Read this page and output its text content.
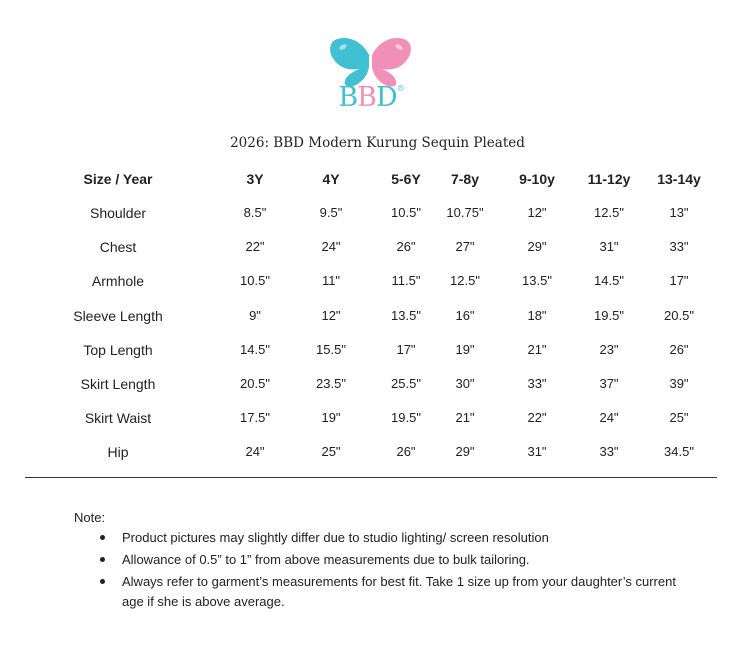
BBD®
2026: BBD Modern Kurung Sequin Pleated
Size / Year	3Y	4Y	5-6Y 7-8y	9-10y 11-12y 13-14y
Shoulder	8.5"	9.5"	10.5" 10.75"	12"	12.5"	13"
Chest	22"	24"	26"	27"	29"	31"	33"
Armhole	10.5"	11"	11.5" 12.5"	13.5"	14.5"	17"
Sleeve Length	9"	12"	13.5"	16"	18"	19.5"	20.5"
Top Length	14.5"	15.5"	17"	19"	21"	23"	26"
Skirt Length	20.5"	23.5"	25.5"	30"	33"	37"	39"
Skirt Waist	17.5"	19"	19.5"	21"	22"	24"	25"
Hip	24"	25"	26"	29"	31"	33"	34.5"
Note:
Product pictures may slightly differ due to studio lighting/ screen resolution
Allowance of 0.5” to 1” from above measurements due to bulk tailoring.
Always refer to garment’s measurements for best fit. Take 1 size up from your daughter’s current age if she is above average.
